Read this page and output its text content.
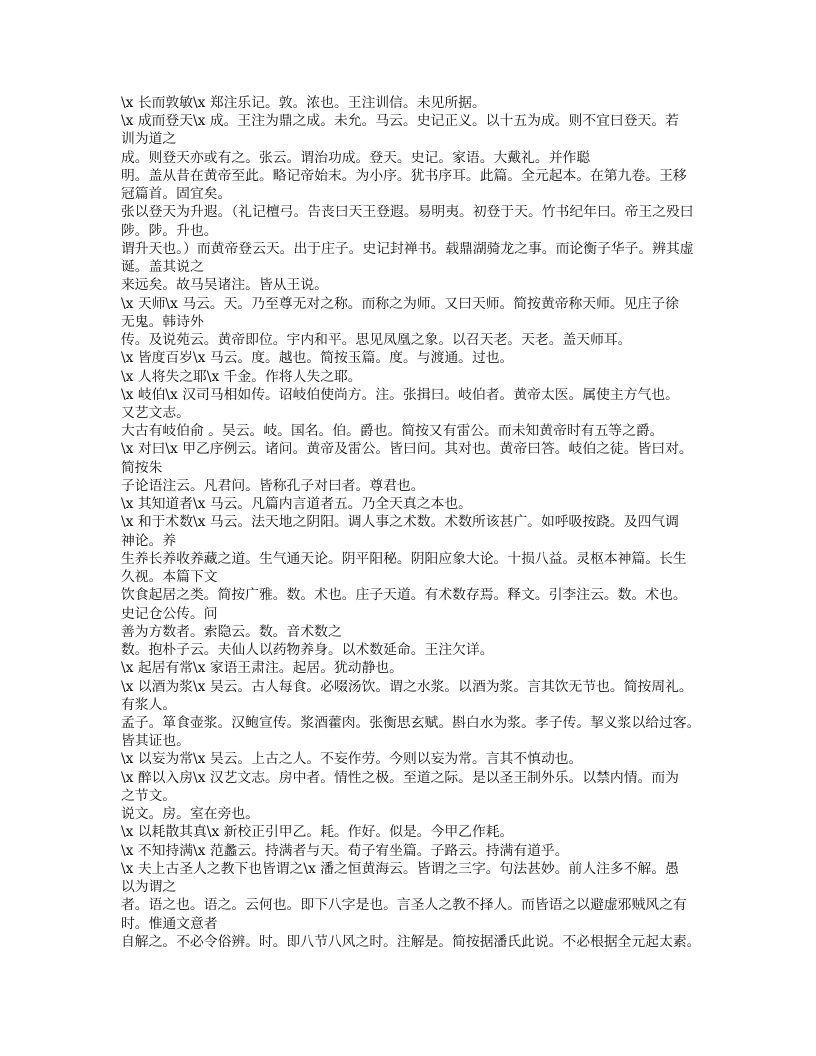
\x 长而敦敏\x 郑注乐记。敦。浓也。王注训信。未见所据。
\x 成而登天\x 成。王注为鼎之成。未允。马云。史记正义。以十五为成。则不宜曰登天。若
训为道之
成。则登天亦或有之。张云。谓治功成。登天。史记。家语。大戴礼。并作聪
明。盖从昔在黄帝至此。略记帝始末。为小序。犹书序耳。此篇。全元起本。在第九卷。王移
冠篇首。固宜矣。
张以登天为升遐。（礼记檀弓。告丧曰天王登遐。易明夷。初登于天。竹书纪年曰。帝王之殁曰
陟。陟。升也。
谓升天也。）而黄帝登云天。出于庄子。史记封禅书。载鼎湖骑龙之事。而论衡子华子。辨其虚
诞。盖其说之
来远矣。故马吴诸注。皆从王说。
\x 天师\x 马云。天。乃至尊无对之称。而称之为师。又曰天师。简按黄帝称天师。见庄子徐
无鬼。韩诗外
传。及说苑云。黄帝即位。宇内和平。思见凤凰之象。以召天老。天老。盖天师耳。
\x 皆度百岁\x 马云。度。越也。简按玉篇。度。与渡通。过也。
\x 人将失之耶\x 千金。作将人失之耶。
\x 岐伯\x 汉司马相如传。诏岐伯使尚方。注。张揖曰。岐伯者。黄帝太医。属使主方气也。
又艺文志。
大古有岐伯俞 。吴云。岐。国名。伯。爵也。简按又有雷公。而未知黄帝时有五等之爵。
\x 对曰\x 甲乙序例云。诸问。黄帝及雷公。皆曰问。其对也。黄帝曰答。岐伯之徒。皆曰对。
简按朱
子论语注云。凡君问。皆称孔子对曰者。尊君也。
\x 其知道者\x 马云。凡篇内言道者五。乃全天真之本也。
\x 和于术数\x 马云。法天地之阴阳。调人事之术数。术数所该甚广。如呼吸按跷。及四气调
神论。养
生养长养收养藏之道。生气通天论。阴平阳秘。阴阳应象大论。十损八益。灵枢本神篇。长生
久视。本篇下文
饮食起居之类。简按广雅。数。术也。庄子天道。有术数存焉。释文。引李注云。数。术也。
史记仓公传。问
善为方数者。索隐云。数。音术数之
数。抱朴子云。夫仙人以药物养身。以术数延命。王注欠详。
\x 起居有常\x 家语王肃注。起居。犹动静也。
\x 以酒为浆\x 吴云。古人每食。必啜汤饮。谓之水浆。以酒为浆。言其饮无节也。简按周礼。
有浆人。
孟子。箪食壶浆。汉鲍宣传。浆酒藿肉。张衡思玄赋。斟白水为浆。孝子传。挈义浆以给过客。
皆其证也。
\x 以妄为常\x 吴云。上古之人。不妄作劳。今则以妄为常。言其不慎动也。
\x 醉以入房\x 汉艺文志。房中者。情性之极。至道之际。是以圣王制外乐。以禁内情。而为
之节文。
说文。房。室在旁也。
\x 以耗散其真\x 新校正引甲乙。耗。作好。似是。今甲乙作耗。
\x 不知持满\x 范蠡云。持满者与天。荀子宥坐篇。子路云。持满有道乎。
\x 夫上古圣人之教下也皆谓之\x 潘之恒黄海云。皆谓之三字。句法甚妙。前人注多不解。愚
以为谓之
者。语之也。语之。云何也。即下八字是也。言圣人之教不择人。而皆语之以避虚邪贼风之有
时。惟通文意者
自解之。不必令俗辨。时。即八节八风之时。注解是。简按据潘氏此说。不必根据全元起太素。
